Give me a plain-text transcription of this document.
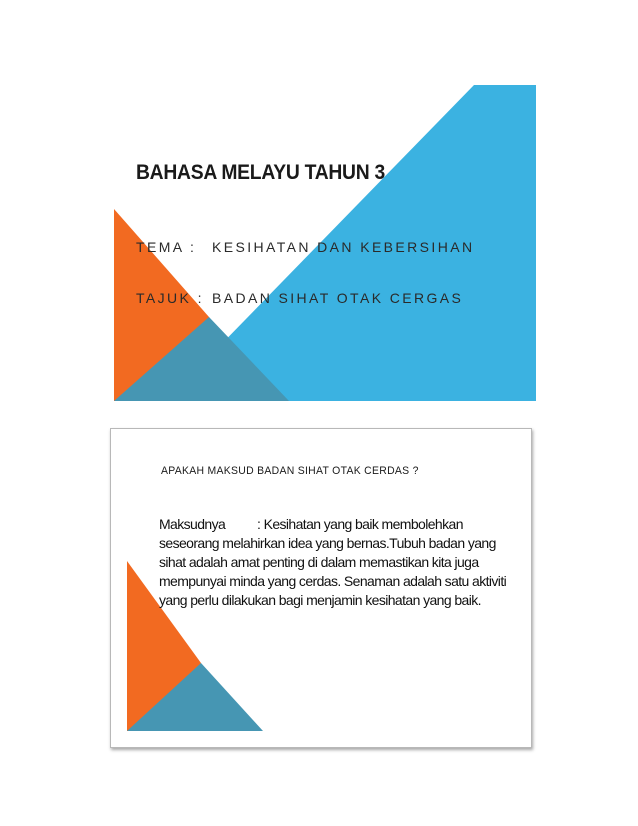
BAHASA MELAYU TAHUN 3
TEMA : KESIHATAN DAN KEBERSIHAN
TAJUK : BADAN SIHAT OTAK CERGAS

APAKAH MAKSUD BADAN SIHAT OTAK CERDAS ?

Maksudnya : Kesihatan yang baik membolehkan seseorang melahirkan idea yang bernas.Tubuh badan yang sihat adalah amat penting di dalam memastikan kita juga mempunyai minda yang cerdas. Senaman adalah satu aktiviti yang perlu dilakukan bagi menjamin kesihatan yang baik.
